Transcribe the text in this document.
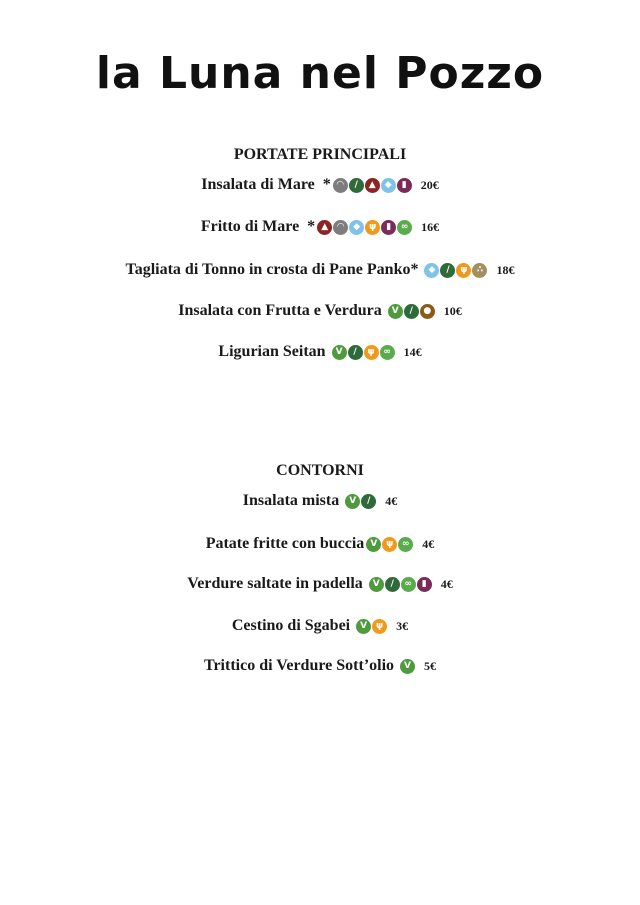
la Luna nel Pozzo
PORTATE PRINCIPALI
Insalata di Mare  * ◠	/	▲	◆	▮	20€
Fritto di Mare  * ▲	◠	◆ ψ	▮	∞	16€
Tagliata di Tonno in crosta di Pane Panko* ◆	/	ψ	∴	18€
Insalata con Frutta e Verdura V	/	● 10€
Ligurian Seitan V	/	ψ ∞	14€
CONTORNI
Insalata mista V	/	4€
Patate fritte con buccia V ψ ∞	4€
Verdure saltate in padella V	/	∞	▮	4€
Cestino di Sgabei V ψ	3€
Trittico di Verdure Sott’olio V	5€
